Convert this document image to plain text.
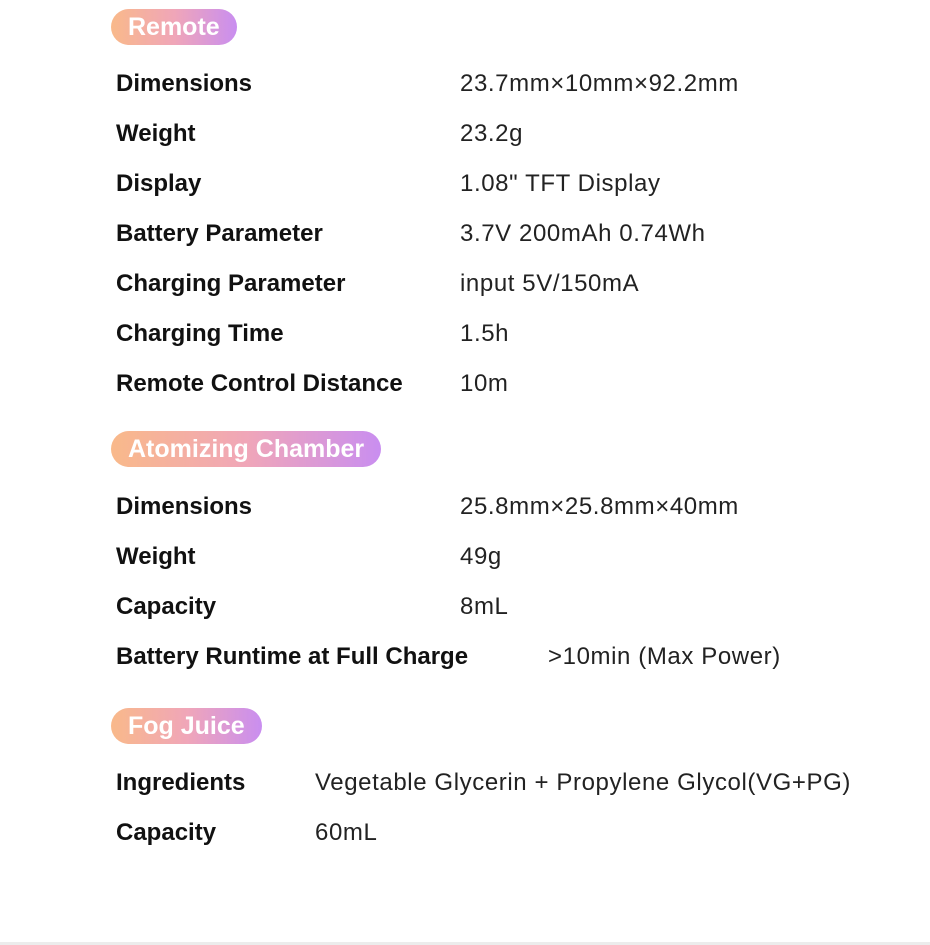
Remote
Dimensions	23.7mm×10mm×92.2mm
Weight	23.2g
Display	1.08" TFT Display
Battery Parameter	3.7V 200mAh 0.74Wh
Charging Parameter	input 5V/150mA
Charging Time	1.5h
Remote Control Distance 10m
Atomizing Chamber
Dimensions	25.8mm×25.8mm×40mm
Weight	49g
Capacity	8mL
Battery Runtime at Full Charge	>10min (Max Power)
Fog Juice
Ingredients	Vegetable Glycerin + Propylene Glycol(VG+PG)
Capacity	60mL
